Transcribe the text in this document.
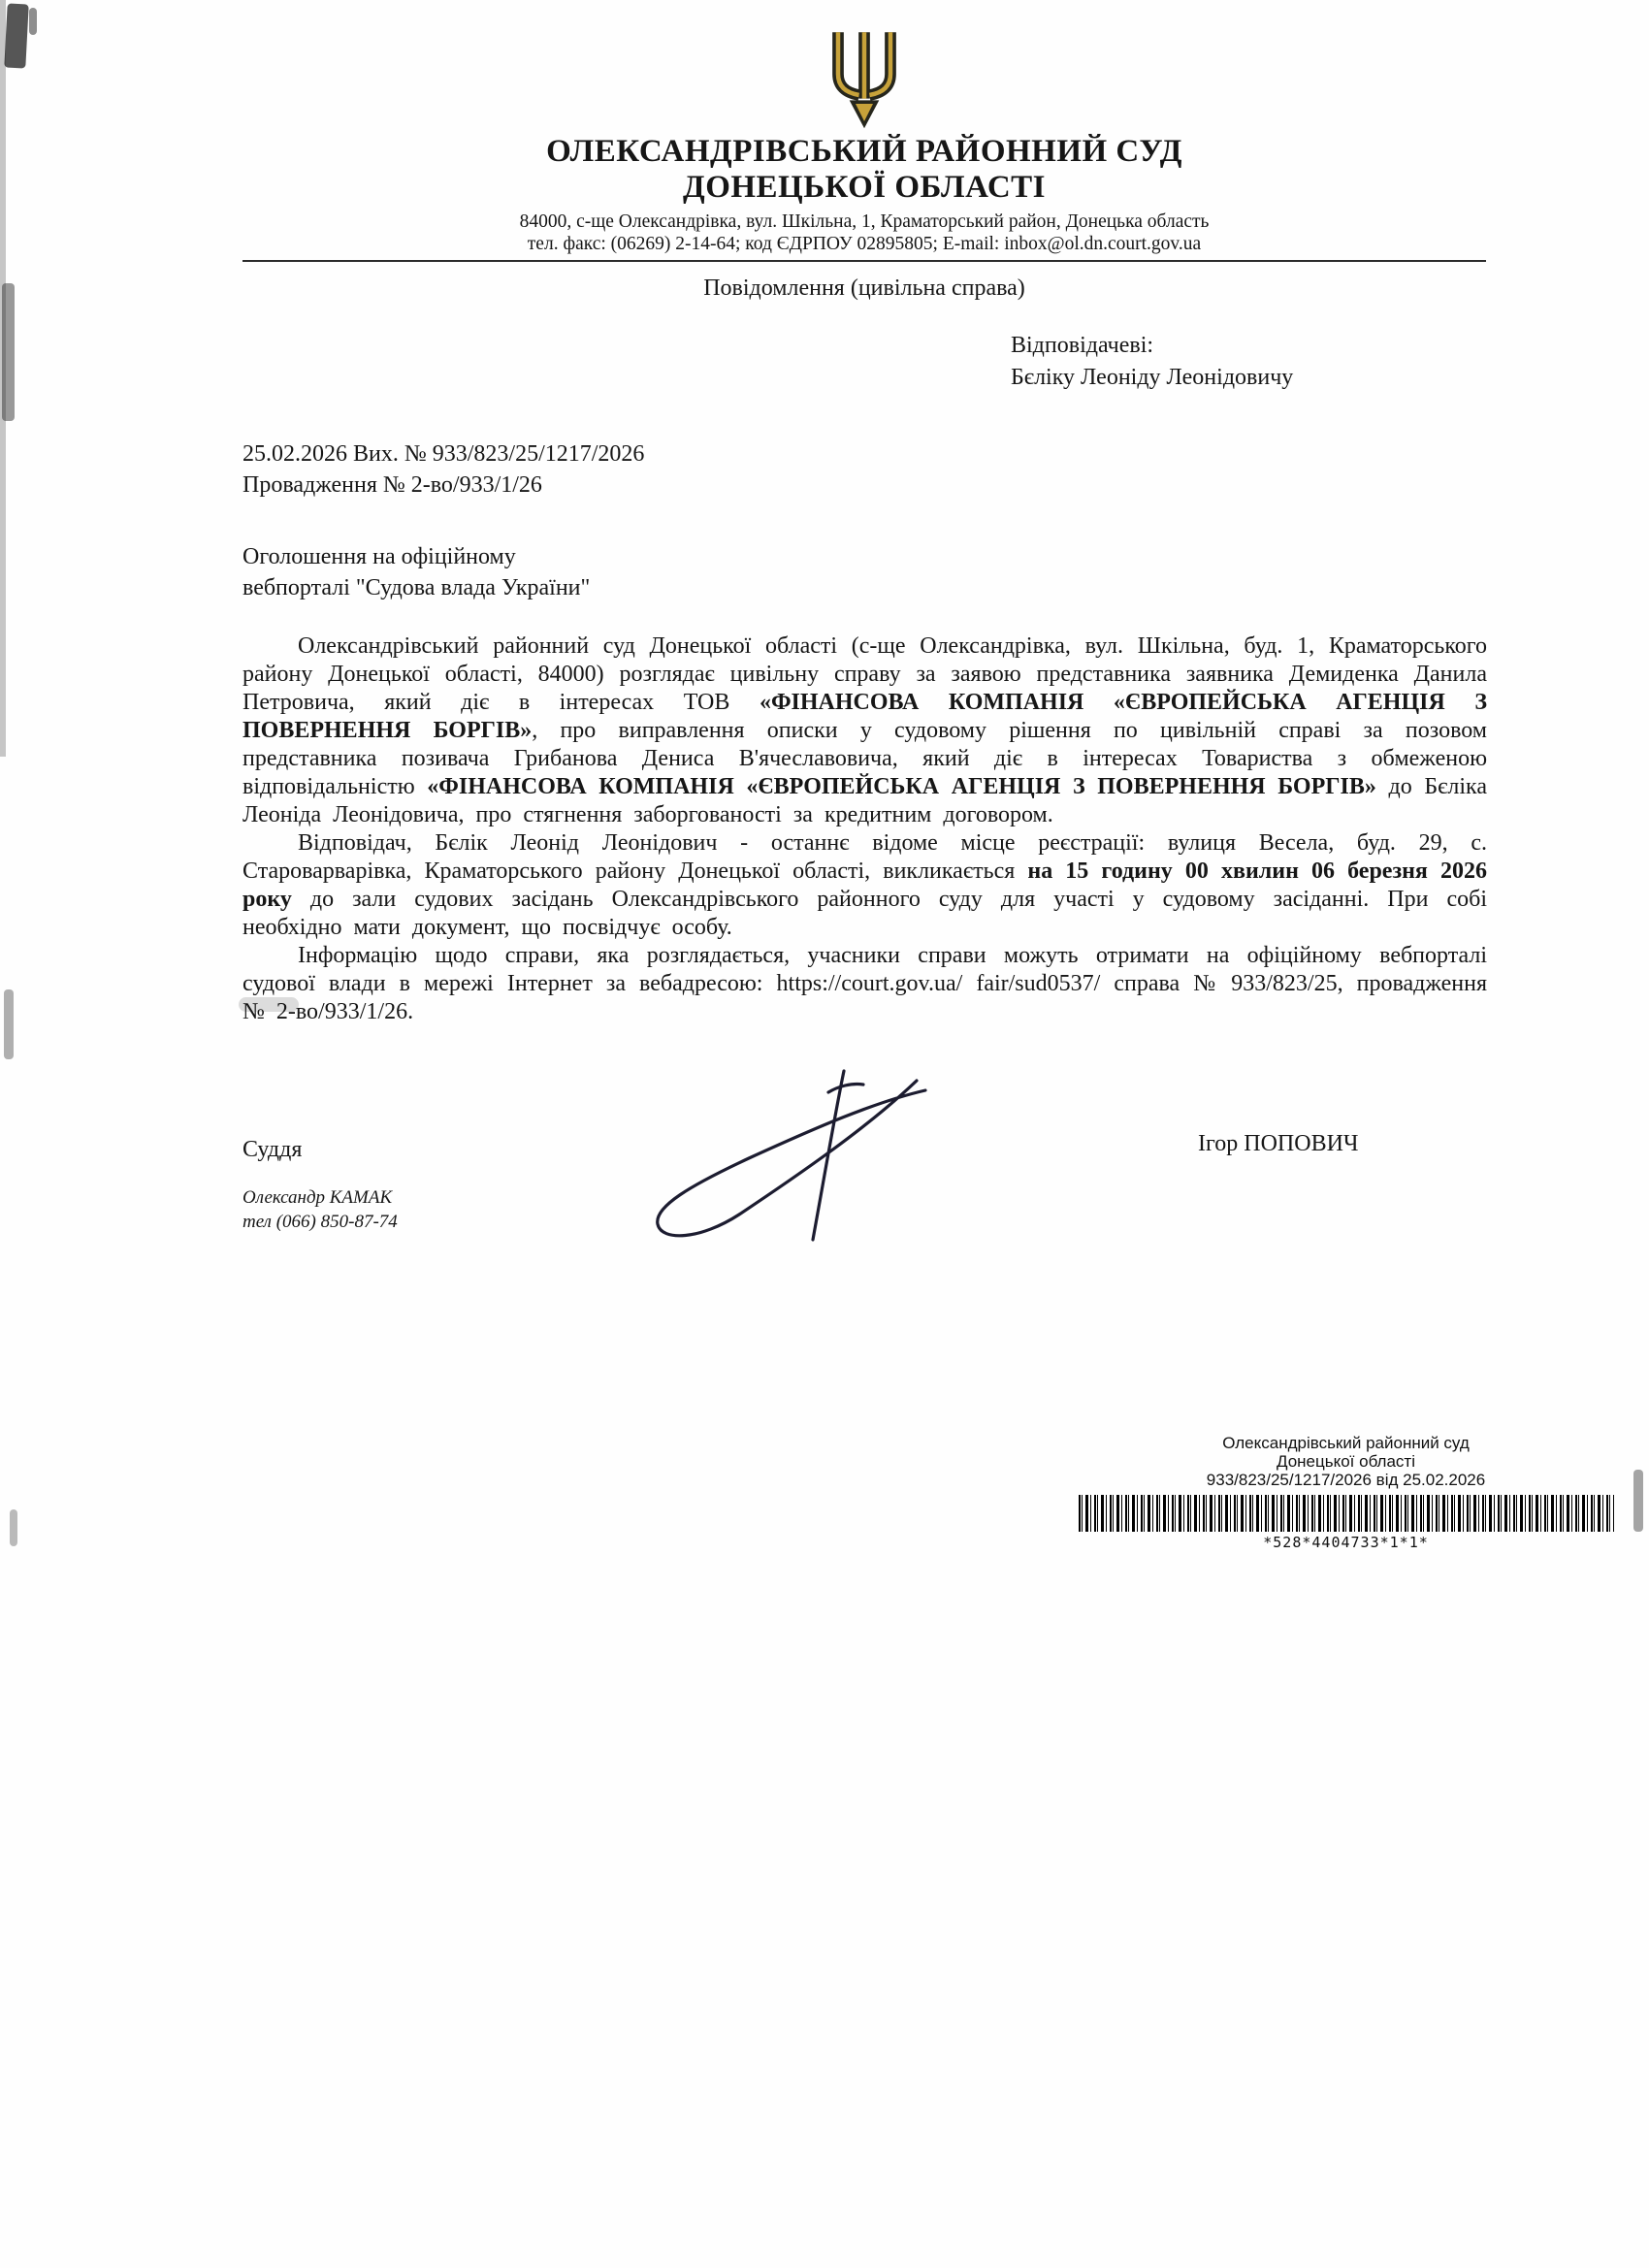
ОЛЕКСАНДРІВСЬКИЙ РАЙОННИЙ СУД
ДОНЕЦЬКОЇ ОБЛАСТІ

84000, с-ще Олександрівка, вул. Шкільна, 1, Краматорський район, Донецька область

тел. факс: (06269) 2-14-64; код ЄДРПОУ 02895805; E-mail: inbox@ol.dn.court.gov.ua

Повідомлення (цивільна справа)
Відповідачеві:
Бєліку Леоніду Леонідовичу
25.02.2026 Вих. № 933/823/25/1217/2026
Провадження № 2-во/933/1/26
Оголошення на офіційному
вебпорталі "Судова влада України"

Олександрівський районний суд Донецької області (с-ще Олександрівка, вул. Шкільна, буд. 1, Краматорського району Донецької області, 84000) розглядає цивільну справу за заявою представника заявника Демиденка Данила Петровича, який діє в інтересах ТОВ «ФІНАНСОВА КОМПАНІЯ «ЄВРОПЕЙСЬКА АГЕНЦІЯ З ПОВЕРНЕННЯ БОРГІВ», про виправлення описки у судовому рішення по цивільній справі за позовом представника позивача Грибанова Дениса В'ячеславовича, який діє в інтересах Товариства з обмеженою відповідальністю «ФІНАНСОВА КОМПАНІЯ «ЄВРОПЕЙСЬКА АГЕНЦІЯ З ПОВЕРНЕННЯ БОРГІВ» до Бєліка Леоніда Леонідовича, про стягнення заборгованості за кредитним договором.

Відповідач, Бєлік Леонід Леонідович - останнє відоме місце реєстрації: вулиця Весела, буд. 29, с. Староварварівка, Краматорського району Донецької області, викликається на 15 годину 00 хвилин 06 березня 2026 року до зали судових засідань Олександрівського районного суду для участі у судовому засіданні. При собі необхідно мати документ, що посвідчує особу.

Інформацію щодо справи, яка розглядається, учасники справи можуть отримати на офіційному вебпорталі судової влади в мережі Інтернет за вебадресою: https://court.gov.ua/ fair/sud0537/ справа № 933/823/25, провадження № 2-во/933/1/26.

Суддя	Ігор ПОПОВИЧ
Олександр КАМАК
тел (066) 850-87-74
Олександрівський районний суд
Донецької області
933/823/25/1217/2026 від 25.02.2026
*528*4404733*1*1*
